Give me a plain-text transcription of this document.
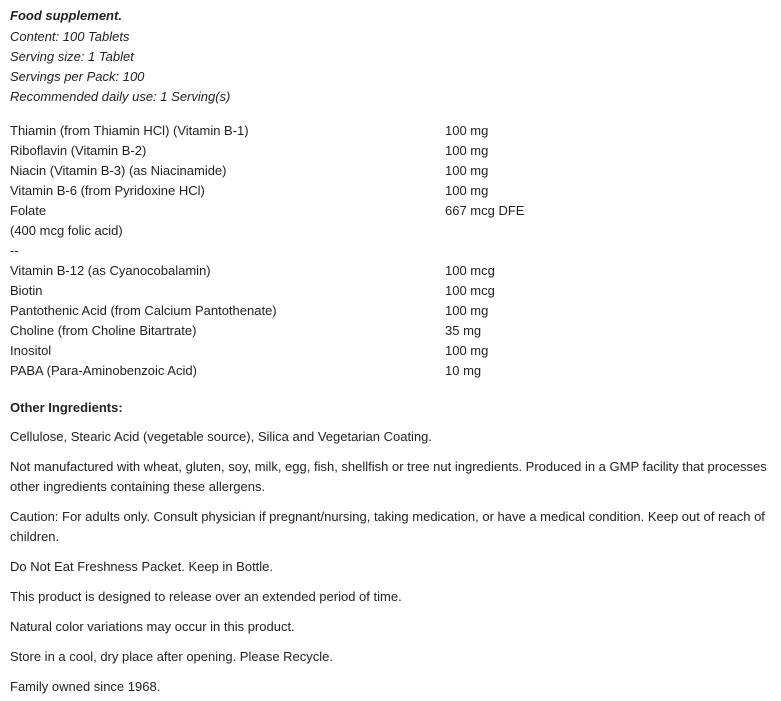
Food supplement.
Content: 100 Tablets
Serving size: 1 Tablet
Servings per Pack: 100
Recommended daily use: 1 Serving(s)
Thiamin (from Thiamin HCl) (Vitamin B-1)	100 mg
Riboflavin (Vitamin B-2)	100 mg
Niacin (Vitamin B-3) (as Niacinamide)	100 mg
Vitamin B-6 (from Pyridoxine HCl)	100 mg
Folate	667 mcg DFE
(400 mcg folic acid)	
--	
Vitamin B-12 (as Cyanocobalamin)	100 mcg
Biotin	100 mcg
Pantothenic Acid (from Calcium Pantothenate)	100 mg
Choline (from Choline Bitartrate)	35 mg
Inositol	100 mg
PABA (Para-Aminobenzoic Acid)	10 mg
Other Ingredients:
Cellulose, Stearic Acid (vegetable source), Silica and Vegetarian Coating.
Not manufactured with wheat, gluten, soy, milk, egg, fish, shellfish or tree nut ingredients. Produced in a GMP facility that processes other ingredients containing these allergens.
Caution: For adults only. Consult physician if pregnant/nursing, taking medication, or have a medical condition. Keep out of reach of children.
Do Not Eat Freshness Packet. Keep in Bottle.
This product is designed to release over an extended period of time.
Natural color variations may occur in this product.
Store in a cool, dry place after opening. Please Recycle.
Family owned since 1968.
